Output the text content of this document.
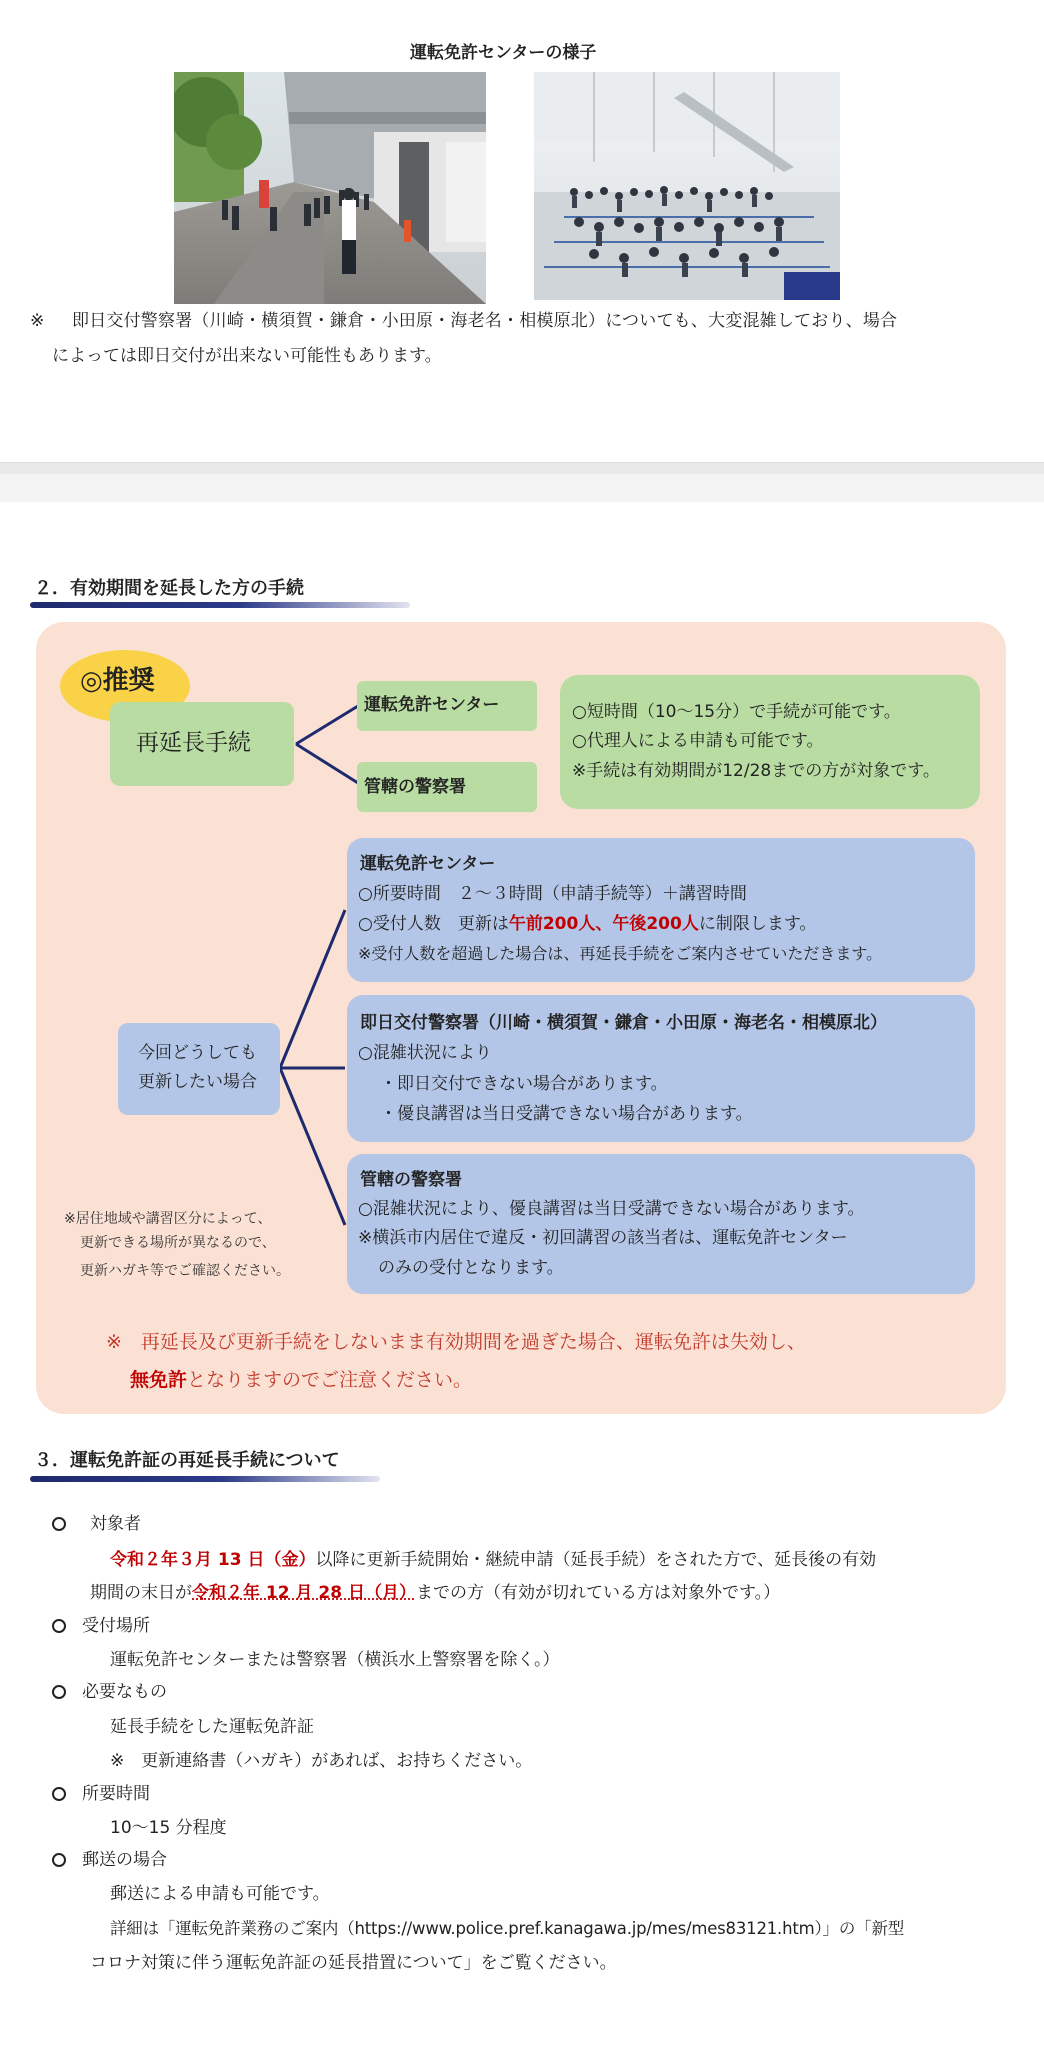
運転免許センターの様子
※ 即日交付警察署（川崎・横須賀・鎌倉・小田原・海老名・相模原北）についても、大変混雑しており、場合
によっては即日交付が出来ない可能性もあります。
２．有効期間を延長した方の手続
◎推奨
再延長手続
運転免許センター
管轄の警察署
○短時間（10～15分）で手続が可能です。
○代理人による申請も可能です。
※手続は有効期間が12/28までの方が対象です。
今回どうしても
更新したい場合
運転免許センター
○所要時間　２～３時間（申請手続等）＋講習時間
○受付人数　更新は午前200人、午後200人に制限します。
※受付人数を超過した場合は、再延長手続をご案内させていただきます。
即日交付警察署（川崎・横須賀・鎌倉・小田原・海老名・相模原北）
○混雑状況により
・即日交付できない場合があります。
・優良講習は当日受講できない場合があります。
管轄の警察署
○混雑状況により、優良講習は当日受講できない場合があります。
※横浜市内居住で違反・初回講習の該当者は、運転免許センター
のみの受付となります。
※居住地域や講習区分によって、
更新できる場所が異なるので、
更新ハガキ等でご確認ください。
※　再延長及び更新手続をしないまま有効期間を過ぎた場合、運転免許は失効し、
無免許となりますのでご注意ください。
３．運転免許証の再延長手続について
対象者
令和２年３月 13 日（金）以降に更新手続開始・継続申請（延長手続）をされた方で、延長後の有効
期間の末日が令和２年 12 月 28 日（月）までの方（有効が切れている方は対象外です。）
受付場所
運転免許センターまたは警察署（横浜水上警察署を除く。）
必要なもの
延長手続をした運転免許証
※　更新連絡書（ハガキ）があれば、お持ちください。
所要時間
10～15 分程度
郵送の場合
郵送による申請も可能です。
詳細は「運転免許業務のご案内（https://www.police.pref.kanagawa.jp/mes/mes83121.htm）」の「新型
コロナ対策に伴う運転免許証の延長措置について」をご覧ください。
